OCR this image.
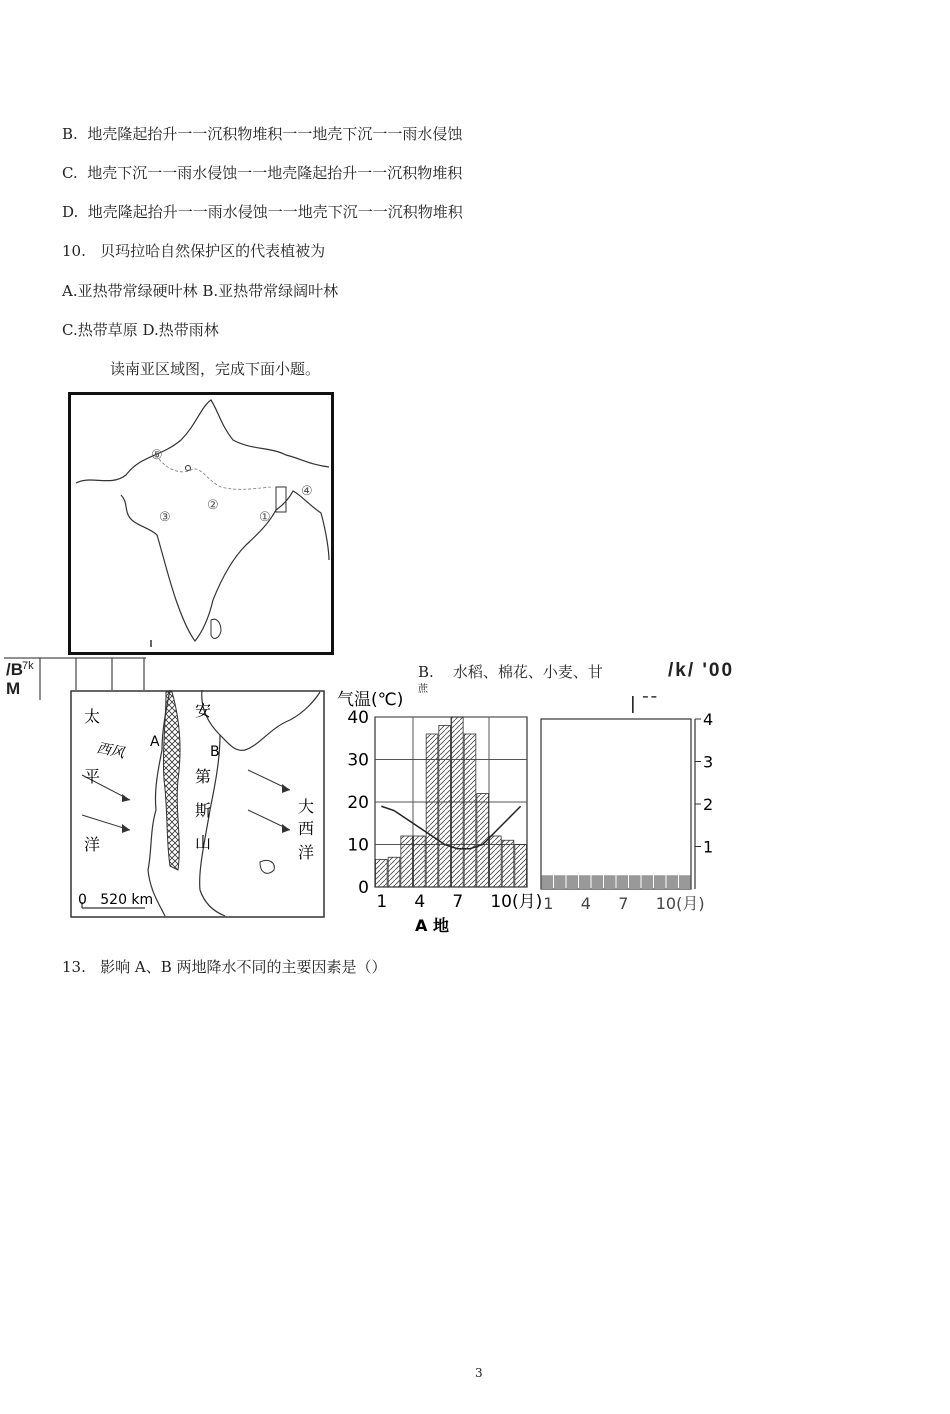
B.  地壳隆起抬升一一沉积物堆积一一地壳下沉一一雨水侵蚀
C.  地壳下沉一一雨水侵蚀一一地壳隆起抬升一一沉积物堆积
D.  地壳隆起抬升一一雨水侵蚀一一地壳下沉一一沉积物堆积
10.   贝玛拉哈自然保护区的代表植被为
A.亚热带常绿硬叶林 B.亚热带常绿阔叶林
C.热带草原 D.热带雨林
读南亚区域图，完成下面小题。
⑤
②
③	①
④
/B
M
7k	B.    水稻、棉花、小麦、甘
蔗
/k/ '00
太
平
洋
西风 A
B
安
第
斯
山
大
西
洋
0   520 km
气温(℃)
A 地
0
10
20
30
40
1 4 7 10(月)
| ¯¯
1
2
3
4
1 4 7 10(月)
13.   影响 A、B 两地降水不同的主要因素是（）
3
